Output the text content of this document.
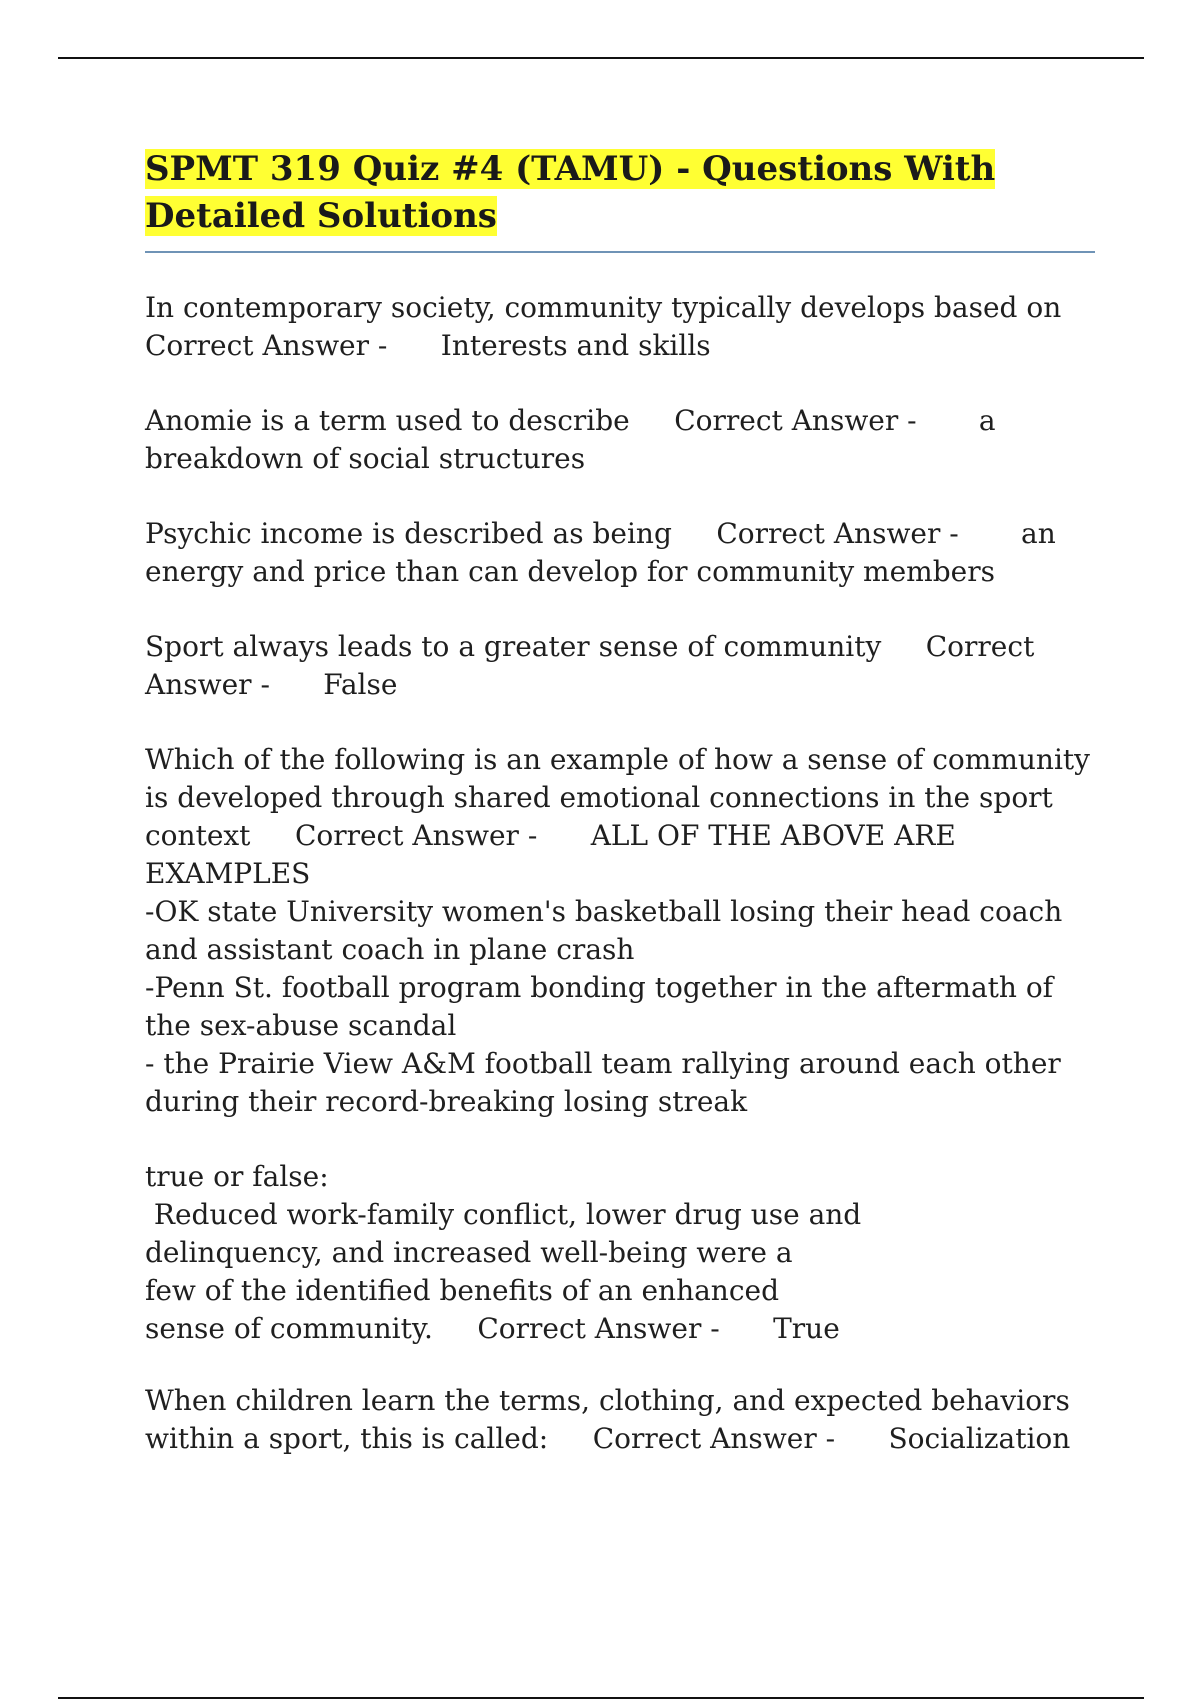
SPMT 319 Quiz #4 (TAMU) - Questions With Detailed Solutions

In contemporary society, community typically develops based on Correct Answer -      Interests and skills

Anomie is a term used to describe     Correct Answer -       a breakdown of social structures

Psychic income is described as being     Correct Answer -       an energy and price than can develop for community members

Sport always leads to a greater sense of community     Correct Answer -      False

Which of the following is an example of how a sense of community is developed through shared emotional connections in the sport context     Correct Answer -      ALL OF THE ABOVE ARE EXAMPLES
-OK state University women's basketball losing their head coach and assistant coach in plane crash
-Penn St. football program bonding together in the aftermath of the sex-abuse scandal
- the Prairie View A&M football team rallying around each other during their record-breaking losing streak

true or false:
Reduced work-family conflict, lower drug use and
delinquency, and increased well-being were a
few of the identified benefits of an enhanced
sense of community.     Correct Answer -      True

When children learn the terms, clothing, and expected behaviors within a sport, this is called:     Correct Answer -      Socialization
